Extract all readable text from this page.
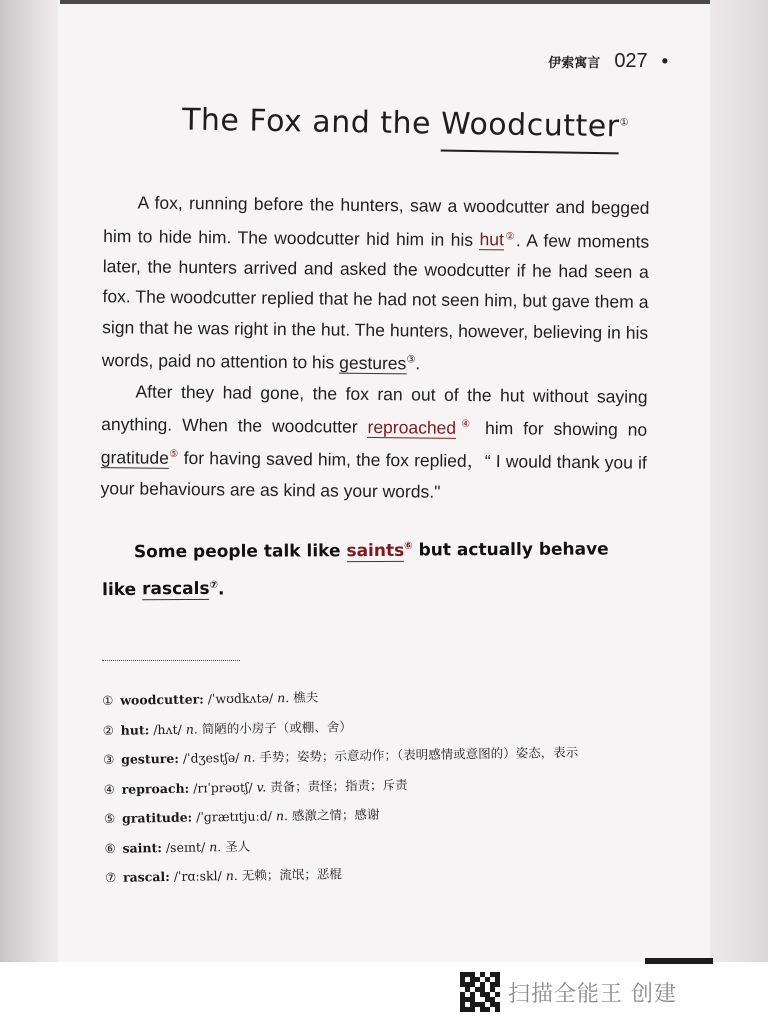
伊索寓言 027 •
The Fox and the Woodcutter①

A fox, running before the hunters, saw a woodcutter and begged him to hide him. The woodcutter hid him in his hut②. A few moments later, the hunters arrived and asked the woodcutter if he had seen a fox. The woodcutter replied that he had not seen him, but gave them a sign that he was right in the hut. The hunters, however, believing in his words, paid no attention to his gestures③.

After they had gone, the fox ran out of the hut without saying anything. When the woodcutter reproached④ him for showing no gratitude⑤ for having saved him, the fox replied，“ I would thank you if your behaviours are as kind as your words."

Some people talk like saints⑥ but actually behave like rascals⑦.
① woodcutter: /ˈwʊdkʌtə/ n. 樵夫
② hut: /hʌt/ n. 简陋的小房子（或棚、舍）
③ gesture: /ˈdʒestʃə/ n. 手势；姿势；示意动作；（表明感情或意图的）姿态，表示
④ reproach: /rɪˈprəʊtʃ/ v. 责备；责怪；指责；斥责
⑤ gratitude: /ˈɡrætɪtjuːd/ n. 感激之情；感谢
⑥ saint: /seɪnt/ n. 圣人
⑦ rascal: /ˈrɑːskl/ n. 无赖；流氓；恶棍
扫描全能王 创建
